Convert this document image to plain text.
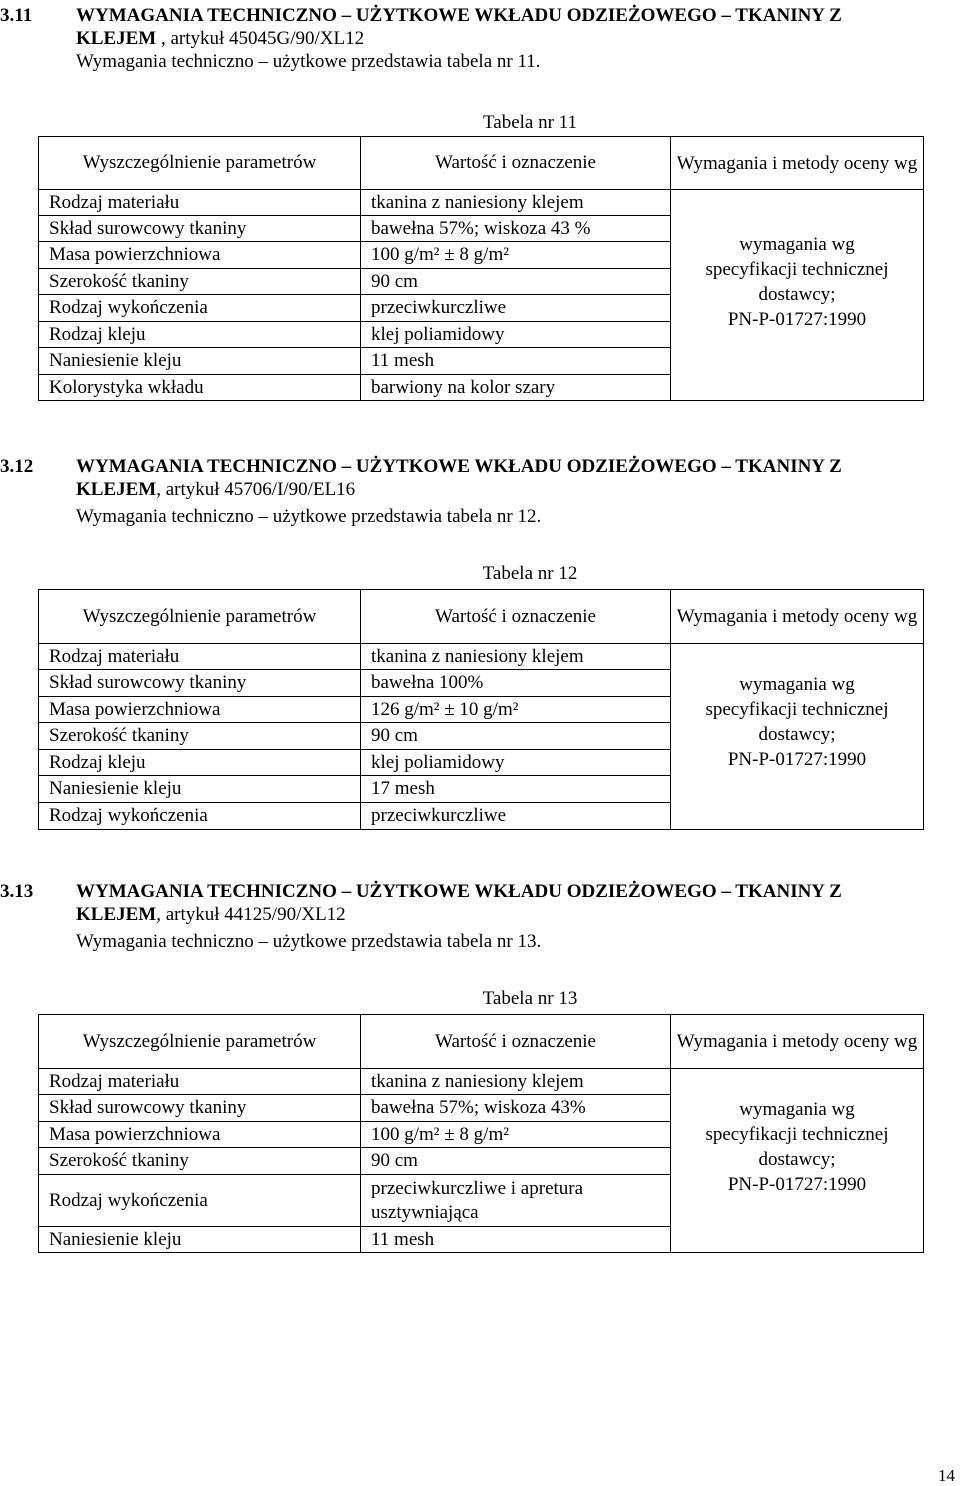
3.11 WYMAGANIA TECHNICZNO – UŻYTKOWE WKŁADU ODZIEŻOWEGO – TKANINY Z
KLEJEM , artykuł 45045G/90/XL12
Wymagania techniczno – użytkowe przedstawia tabela nr 11.
Tabela nr 11
Wyszczególnienie parametrów	Wartość i oznaczenie	Wymagania i metody oceny wg
Rodzaj materiału	tkanina z naniesiony klejem	wymagania wg
specyfikacji technicznej
dostawcy;
PN-P-01727:1990

Skład surowcowy tkaniny	bawełna 57%; wiskoza 43 %	
Masa powierzchniowa	100 g/m² ± 8 g/m²	
Szerokość tkaniny	90 cm	
Rodzaj wykończenia	przeciwkurczliwe	
Rodzaj kleju	klej poliamidowy	
Naniesienie kleju	11 mesh	
Kolorystyka wkładu	barwiony na kolor szary	
3.12 WYMAGANIA TECHNICZNO – UŻYTKOWE WKŁADU ODZIEŻOWEGO – TKANINY Z
KLEJEM, artykuł 45706/I/90/EL16
Wymagania techniczno – użytkowe przedstawia tabela nr 12.
Tabela nr 12
Wyszczególnienie parametrów	Wartość i oznaczenie	Wymagania i metody oceny wg
Rodzaj materiału	tkanina z naniesiony klejem	wymagania wg
specyfikacji technicznej
dostawcy;
PN-P-01727:1990

Skład surowcowy tkaniny	bawełna 100%	
Masa powierzchniowa	126 g/m² ± 10 g/m²	
Szerokość tkaniny	90 cm	
Rodzaj kleju	klej poliamidowy	
Naniesienie kleju	17 mesh	
Rodzaj wykończenia	przeciwkurczliwe	
3.13 WYMAGANIA TECHNICZNO – UŻYTKOWE WKŁADU ODZIEŻOWEGO – TKANINY Z
KLEJEM, artykuł 44125/90/XL12
Wymagania techniczno – użytkowe przedstawia tabela nr 13.
Tabela nr 13
Wyszczególnienie parametrów	Wartość i oznaczenie	Wymagania i metody oceny wg
Rodzaj materiału	tkanina z naniesiony klejem	wymagania wg
specyfikacji technicznej
dostawcy;
PN-P-01727:1990

Skład surowcowy tkaniny	bawełna 57%; wiskoza 43%	
Masa powierzchniowa	100 g/m² ± 8 g/m²	
Szerokość tkaniny	90 cm	
Rodzaj wykończenia	przeciwkurczliwe i apretura usztywniająca	
Naniesienie kleju	11 mesh	
14
